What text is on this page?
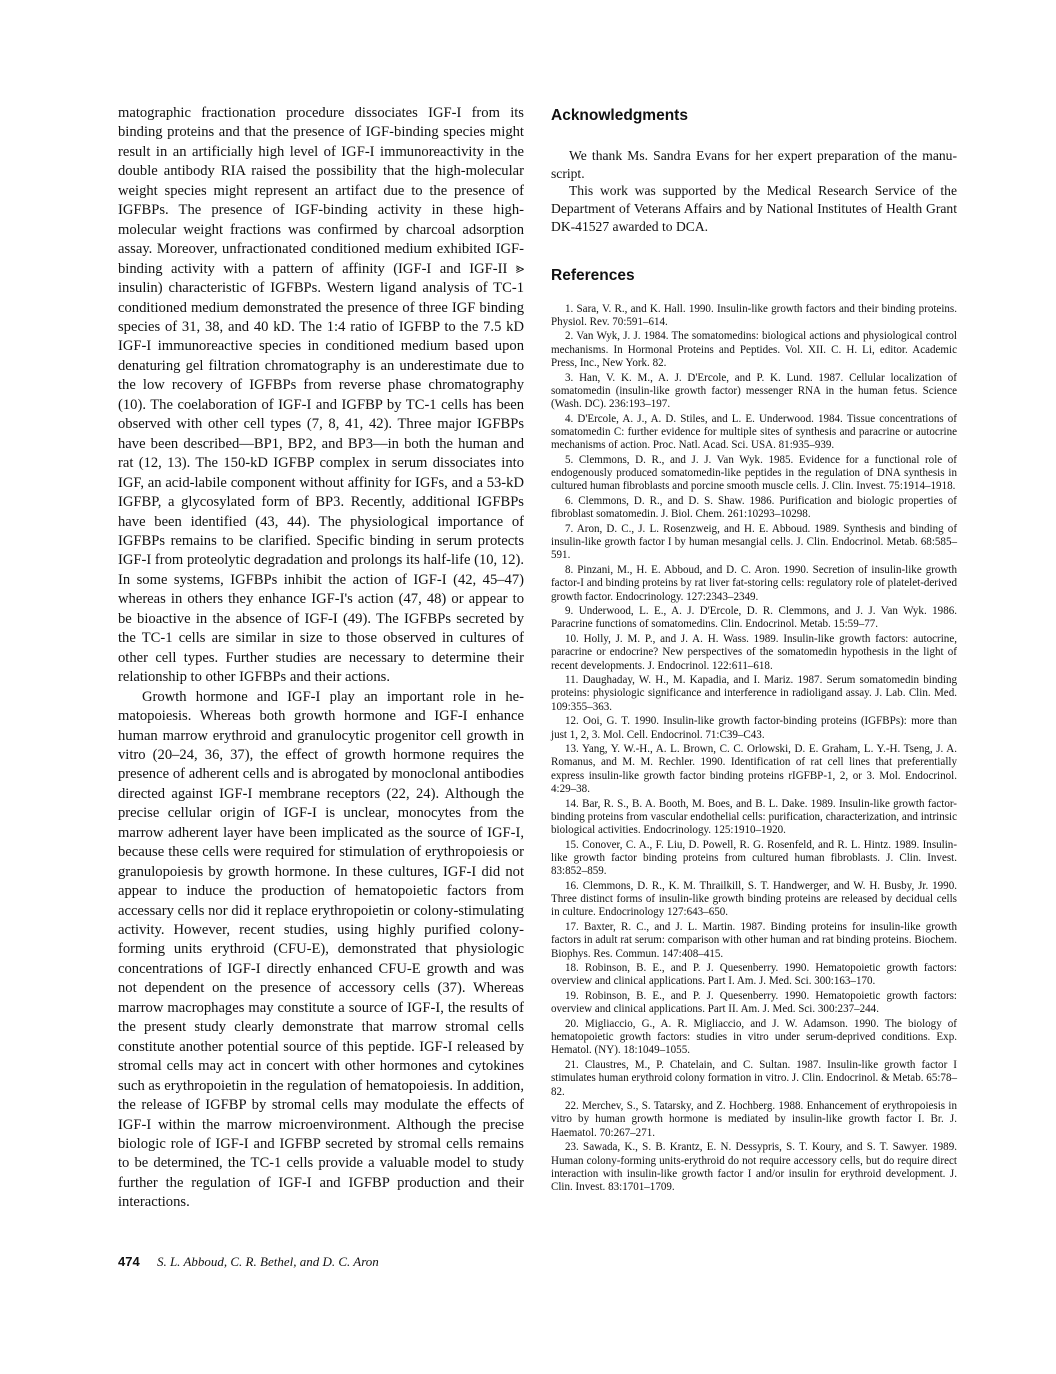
matographic fractionation procedure dissociates IGF-I from its binding proteins and that the presence of IGF-binding species might result in an artificially high level of IGF-I immunoreactivity in the double antibody RIA raised the possibility that the high-molecular weight species might represent an artifact due to the presence of IGFBPs. The presence of IGF-binding activity in these high-molecular weight fractions was confirmed by charcoal adsorption assay. Moreover, unfractionated conditioned medium exhibited IGF-binding activity with a pattern of affinity (IGF-I and IGF-II ⪢ insulin) characteristic of IGFBPs. Western ligand analysis of TC-1 conditioned medium demonstrated the presence of three IGF binding species of 31, 38, and 40 kD. The 1:4 ratio of IGFBP to the 7.5 kD IGF-I immunoreactive species in conditioned medium based upon denaturing gel filtration chromatography is an underestimate due to the low recovery of IGFBPs from reverse phase chromatography (10). The coelaboration of IGF-I and IGFBP by TC-1 cells has been observed with other cell types (7, 8, 41, 42). Three major IGFBPs have been described—BP1, BP2, and BP3—in both the human and rat (12, 13). The 150-kD IGFBP complex in serum dissociates into IGF, an acid-labile component without affinity for IGFs, and a 53-kD IGFBP, a glycosylated form of BP3. Recently, additional IGFBPs have been identified (43, 44). The physiological importance of IGFBPs remains to be clarified. Specific binding in serum protects IGF-I from proteolytic degradation and prolongs its half-life (10, 12). In some systems, IGFBPs inhibit the action of IGF-I (42, 45–47) whereas in others they enhance IGF-I's action (47, 48) or appear to be bioactive in the absence of IGF-I (49). The IGFBPs secreted by the TC-1 cells are similar in size to those observed in cultures of other cell types. Further studies are necessary to determine their relationship to other IGFBPs and their actions.

Growth hormone and IGF-I play an important role in hematopoiesis. Whereas both growth hormone and IGF-I enhance human marrow erythroid and granulocytic progenitor cell growth in vitro (20–24, 36, 37), the effect of growth hormone requires the presence of adherent cells and is abrogated by monoclonal antibodies directed against IGF-I membrane receptors (22, 24). Although the precise cellular origin of IGF-I is unclear, monocytes from the marrow adherent layer have been implicated as the source of IGF-I, because these cells were required for stimulation of erythropoiesis or granulopoiesis by growth hormone. In these cultures, IGF-I did not appear to induce the production of hematopoietic factors from accessary cells nor did it replace erythropoietin or colony-stimulating activity. However, recent studies, using highly purified colony-forming units erythroid (CFU-E), demonstrated that physiologic concentrations of IGF-I directly enhanced CFU-E growth and was not dependent on the presence of accessory cells (37). Whereas marrow macrophages may constitute a source of IGF-I, the results of the present study clearly demonstrate that marrow stromal cells constitute another potential source of this peptide. IGF-I released by stromal cells may act in concert with other hormones and cytokines such as erythropoietin in the regulation of hematopoiesis. In addition, the release of IGFBP by stromal cells may modulate the effects of IGF-I within the marrow microenvironment. Although the precise biologic role of IGF-I and IGFBP secreted by stromal cells remains to be determined, the TC-1 cells provide a valuable model to study further the regulation of IGF-I and IGFBP production and their interactions.

Acknowledgments

We thank Ms. Sandra Evans for her expert preparation of the manuscript.

This work was supported by the Medical Research Service of the Department of Veterans Affairs and by National Institutes of Health Grant DK-41527 awarded to DCA.

References
1. Sara, V. R., and K. Hall. 1990. Insulin-like growth factors and their binding proteins. Physiol. Rev. 70:591–614.
2. Van Wyk, J. J. 1984. The somatomedins: biological actions and physiological control mechanisms. In Hormonal Proteins and Peptides. Vol. XII. C. H. Li, editor. Academic Press, Inc., New York. 82.
3. Han, V. K. M., A. J. D'Ercole, and P. K. Lund. 1987. Cellular localization of somatomedin (insulin-like growth factor) messenger RNA in the human fetus. Science (Wash. DC). 236:193–197.
4. D'Ercole, A. J., A. D. Stiles, and L. E. Underwood. 1984. Tissue concentrations of somatomedin C: further evidence for multiple sites of synthesis and paracrine or autocrine mechanisms of action. Proc. Natl. Acad. Sci. USA. 81:935–939.
5. Clemmons, D. R., and J. J. Van Wyk. 1985. Evidence for a functional role of endogenously produced somatomedin-like peptides in the regulation of DNA synthesis in cultured human fibroblasts and porcine smooth muscle cells. J. Clin. Invest. 75:1914–1918.
6. Clemmons, D. R., and D. S. Shaw. 1986. Purification and biologic properties of fibroblast somatomedin. J. Biol. Chem. 261:10293–10298.
7. Aron, D. C., J. L. Rosenzweig, and H. E. Abboud. 1989. Synthesis and binding of insulin-like growth factor I by human mesangial cells. J. Clin. Endocrinol. Metab. 68:585–591.
8. Pinzani, M., H. E. Abboud, and D. C. Aron. 1990. Secretion of insulin-like growth factor-I and binding proteins by rat liver fat-storing cells: regulatory role of platelet-derived growth factor. Endocrinology. 127:2343–2349.
9. Underwood, L. E., A. J. D'Ercole, D. R. Clemmons, and J. J. Van Wyk. 1986. Paracrine functions of somatomedins. Clin. Endocrinol. Metab. 15:59–77.
10. Holly, J. M. P., and J. A. H. Wass. 1989. Insulin-like growth factors: autocrine, paracrine or endocrine? New perspectives of the somatomedin hypothesis in the light of recent developments. J. Endocrinol. 122:611–618.
11. Daughaday, W. H., M. Kapadia, and I. Mariz. 1987. Serum somatomedin binding proteins: physiologic significance and interference in radioligand assay. J. Lab. Clin. Med. 109:355–363.
12. Ooi, G. T. 1990. Insulin-like growth factor-binding proteins (IGFBPs): more than just 1, 2, 3. Mol. Cell. Endocrinol. 71:C39–C43.
13. Yang, Y. W.-H., A. L. Brown, C. C. Orlowski, D. E. Graham, L. Y.-H. Tseng, J. A. Romanus, and M. M. Rechler. 1990. Identification of rat cell lines that preferentially express insulin-like growth factor binding proteins rIGFBP-1, 2, or 3. Mol. Endocrinol. 4:29–38.
14. Bar, R. S., B. A. Booth, M. Boes, and B. L. Dake. 1989. Insulin-like growth factor-binding proteins from vascular endothelial cells: purification, characterization, and intrinsic biological activities. Endocrinology. 125:1910–1920.
15. Conover, C. A., F. Liu, D. Powell, R. G. Rosenfeld, and R. L. Hintz. 1989. Insulin-like growth factor binding proteins from cultured human fibroblasts. J. Clin. Invest. 83:852–859.
16. Clemmons, D. R., K. M. Thrailkill, S. T. Handwerger, and W. H. Busby, Jr. 1990. Three distinct forms of insulin-like growth binding proteins are released by decidual cells in culture. Endocrinology 127:643–650.
17. Baxter, R. C., and J. L. Martin. 1987. Binding proteins for insulin-like growth factors in adult rat serum: comparison with other human and rat binding proteins. Biochem. Biophys. Res. Commun. 147:408–415.
18. Robinson, B. E., and P. J. Quesenberry. 1990. Hematopoietic growth factors: overview and clinical applications. Part I. Am. J. Med. Sci. 300:163–170.
19. Robinson, B. E., and P. J. Quesenberry. 1990. Hematopoietic growth factors: overview and clinical applications. Part II. Am. J. Med. Sci. 300:237–244.
20. Migliaccio, G., A. R. Migliaccio, and J. W. Adamson. 1990. The biology of hematopoietic growth factors: studies in vitro under serum-deprived conditions. Exp. Hematol. (NY). 18:1049–1055.
21. Claustres, M., P. Chatelain, and C. Sultan. 1987. Insulin-like growth factor I stimulates human erythroid colony formation in vitro. J. Clin. Endocrinol. & Metab. 65:78–82.
22. Merchev, S., S. Tatarsky, and Z. Hochberg. 1988. Enhancement of erythropoiesis in vitro by human growth hormone is mediated by insulin-like growth factor I. Br. J. Haematol. 70:267–271.
23. Sawada, K., S. B. Krantz, E. N. Dessypris, S. T. Koury, and S. T. Sawyer. 1989. Human colony-forming units-erythroid do not require accessory cells, but do require direct interaction with insulin-like growth factor I and/or insulin for erythroid development. J. Clin. Invest. 83:1701–1709.
474 S. L. Abboud, C. R. Bethel, and D. C. Aron
